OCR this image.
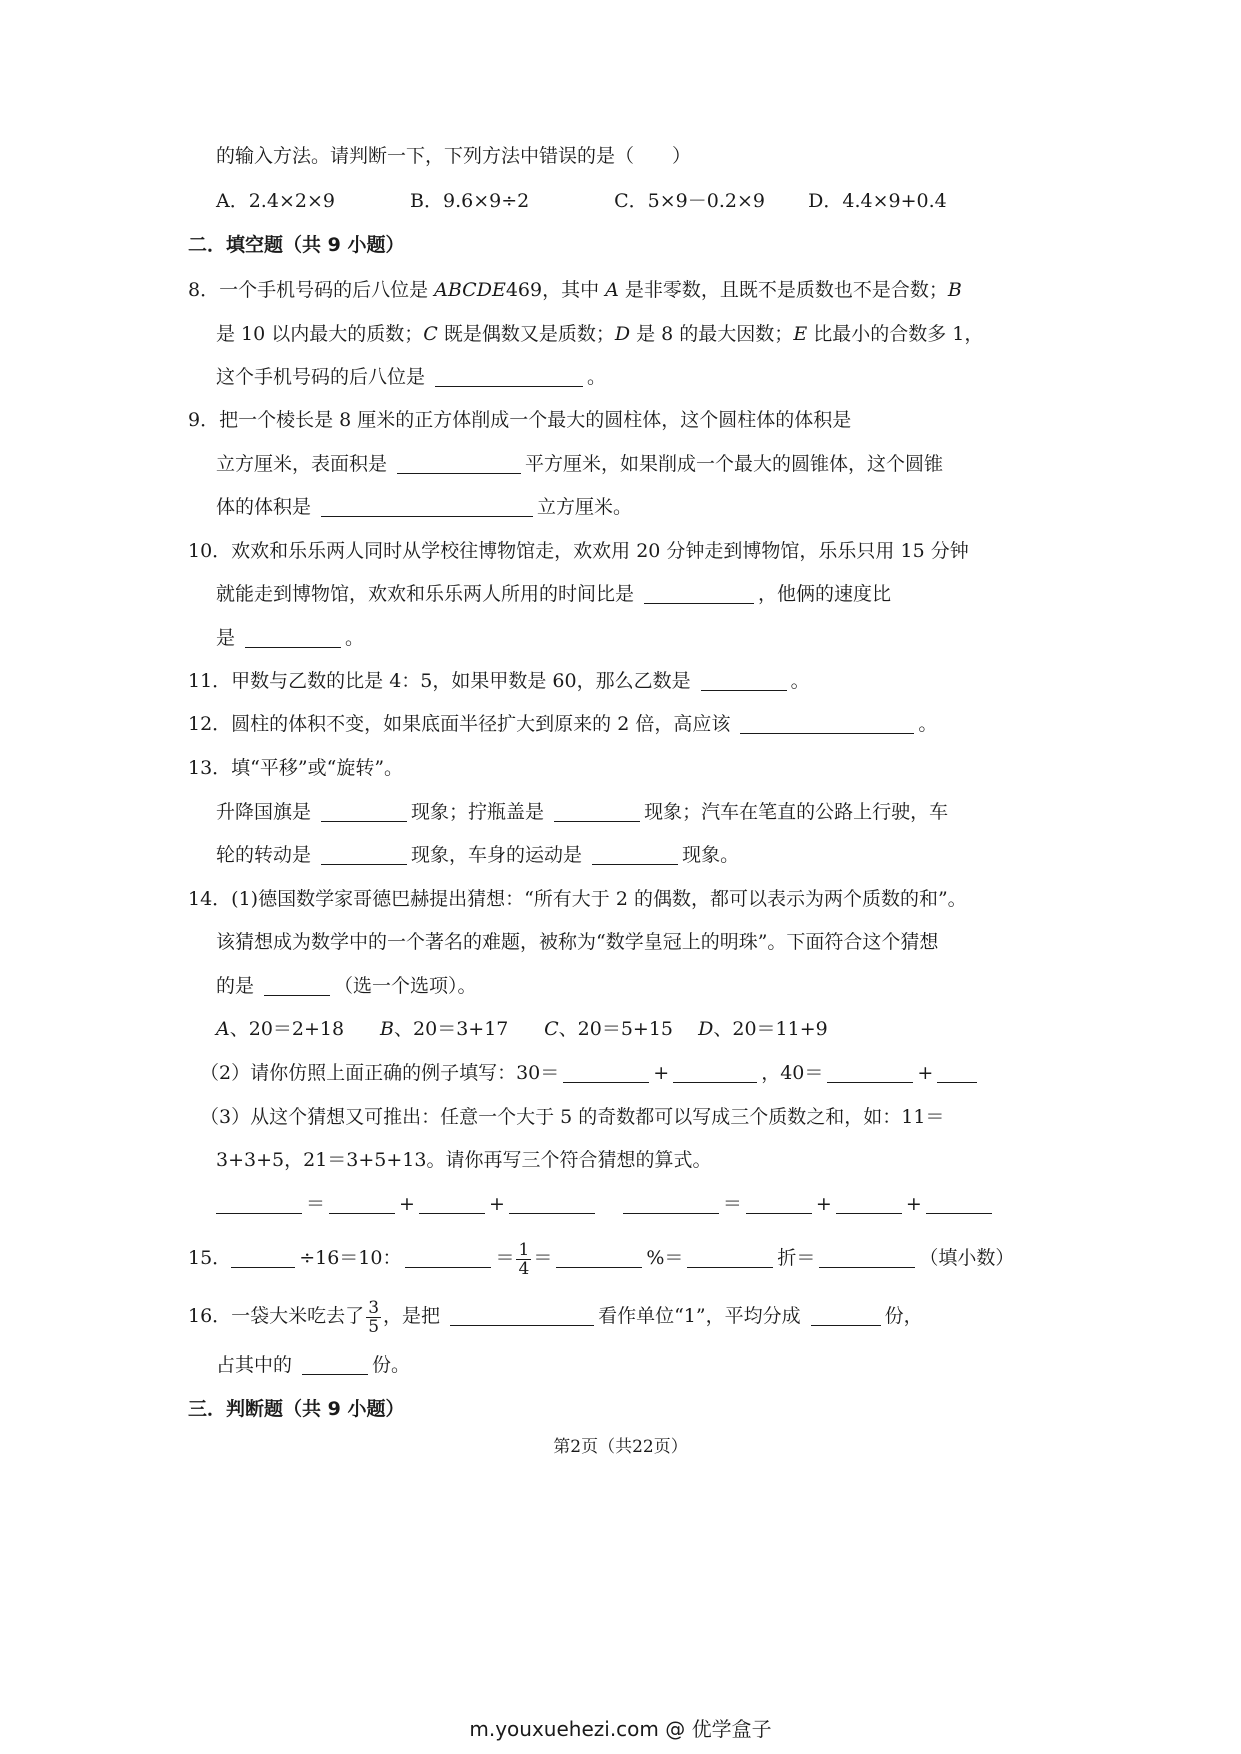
的输入方法。请判断一下，下列方法中错误的是（　　）
A．2.4×2×9	B．9.6×9÷2	C．5×9－0.2×9 D．4.4×9+0.4
二．填空题（共 9 小题）
8．一个手机号码的后八位是 ABCDE469，其中 A 是非零数，且既不是质数也不是合数；B
是 10 以内最大的质数；C 既是偶数又是质数；D 是 8 的最大因数；E 比最小的合数多 1，
这个手机号码的后八位是	。
9．把一个棱长是 8 厘米的正方体削成一个最大的圆柱体，这个圆柱体的体积是
立方厘米，表面积是	平方厘米，如果削成一个最大的圆锥体，这个圆锥
体的体积是	立方厘米。
10．欢欢和乐乐两人同时从学校往博物馆走，欢欢用 20 分钟走到博物馆，乐乐只用 15 分钟
就能走到博物馆，欢欢和乐乐两人所用的时间比是	，他俩的速度比
是	。
11．甲数与乙数的比是 4：5，如果甲数是 60，那么乙数是	。
12．圆柱的体积不变，如果底面半径扩大到原来的 2 倍，高应该	。
13．填“平移”或“旋转”。
升降国旗是	现象；拧瓶盖是	现象；汽车在笔直的公路上行驶，车
轮的转动是	现象，车身的运动是	现象。
14．(1)德国数学家哥德巴赫提出猜想：“所有大于 2 的偶数，都可以表示为两个质数的和”。
该猜想成为数学中的一个著名的难题，被称为“数学皇冠上的明珠”。下面符合这个猜想
的是	（选一个选项）。
A、20＝2+18 B、20＝3+17 C、20＝5+15 D、20＝11+9
（2）请你仿照上面正确的例子填写：30＝	+	，40＝	+
（3）从这个猜想又可推出：任意一个大于 5 的奇数都可以写成三个质数之和，如：11＝
3+3+5，21＝3+5+13。请你再写三个符合猜想的算式。
＝	+	+	＝	+	+
15．	÷16＝10：	＝ $\frac{1}{4}$ ＝	%＝	折＝	（填小数）
16．一袋大米吃去了 $\frac{3}{5}$ ，是把	看作单位“1”，平均分成	份，
占其中的	份。
三．判断题（共 9 小题）
第2页（共22页）
m.youxuehezi.com @ 优学盒子
